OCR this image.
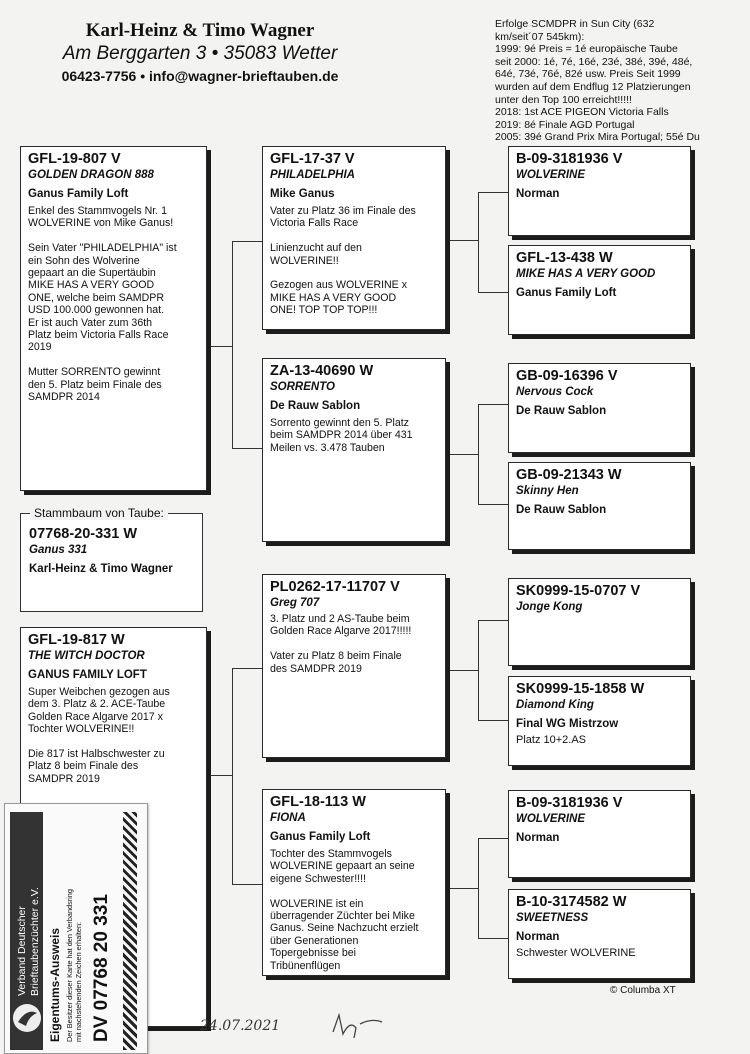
Karl-Heinz & Timo Wagner
Am Berggarten 3 • 35083 Wetter
06423-7756 • info@wagner-brieftauben.de
Erfolge SCMDPR in Sun City (632
km/seit´07 545km):
1999: 9é Preis = 1é europäische Taube
seit 2000: 1é, 7é, 16é, 23é, 38é, 39é, 48é,
64é, 73é, 76é, 82é usw. Preis Seit 1999
wurden auf dem Endflug 12 Platzierungen
unter den Top 100 erreicht!!!!!
2018: 1st ACE PIGEON Victoria Falls
2019: 8é Finale AGD Portugal
2005: 39é Grand Prix Mira Portugal; 55é Du
GFL-19-807 V
GOLDEN DRAGON 888
Ganus Family Loft
Enkel des Stammvogels Nr. 1
WOLVERINE von Mike Ganus!

Sein Vater "PHILADELPHIA" ist
ein Sohn des Wolverine
gepaart an die Supertäubin
MIKE HAS A VERY GOOD
ONE, welche beim SAMDPR
USD 100.000 gewonnen hat.
Er ist auch Vater zum 36th
Platz beim Victoria Falls Race
2019

Mutter SORRENTO gewinnt
den 5. Platz beim Finale des
SAMDPR 2014
07768-20-331 W
Ganus 331
Karl-Heinz & Timo Wagner
Stammbaum von Taube:
GFL-19-817 W
THE WITCH DOCTOR
GANUS FAMILY LOFT
Super Weibchen gezogen aus
dem 3. Platz & 2. ACE-Taube
Golden Race Algarve 2017 x
Tochter WOLVERINE!!

Die 817 ist Halbschwester zu
Platz 8 beim Finale des
SAMDPR 2019
GFL-17-37 V
PHILADELPHIA
Mike Ganus
Vater zu Platz 36 im Finale des
Victoria Falls Race

Linienzucht auf den
WOLVERINE!!

Gezogen aus WOLVERINE x
MIKE HAS A VERY GOOD
ONE! TOP TOP TOP!!!
ZA-13-40690 W
SORRENTO
De Rauw Sablon
Sorrento gewinnt den 5. Platz
beim SAMDPR 2014 über 431
Meilen vs. 3.478 Tauben
PL0262-17-11707 V
Greg 707
3. Platz und 2 AS-Taube beim
Golden Race Algarve 2017!!!!!

Vater zu Platz 8 beim Finale
des SAMDPR 2019
GFL-18-113 W
FIONA
Ganus Family Loft
Tochter des Stammvogels
WOLVERINE gepaart an seine
eigene Schwester!!!!

WOLVERINE ist ein
überragender Züchter bei Mike
Ganus. Seine Nachzucht erzielt
über Generationen
Topergebnisse bei
Tribünenflügen
B-09-3181936 V
WOLVERINE
Norman
GFL-13-438 W
MIKE HAS A VERY GOOD
Ganus Family Loft
GB-09-16396 V
Nervous Cock
De Rauw Sablon
GB-09-21343 W
Skinny Hen
De Rauw Sablon
SK0999-15-0707 V
Jonge Kong
SK0999-15-1858 W
Diamond King
Final WG Mistrzow
Platz 10+2.AS
B-09-3181936 V
WOLVERINE
Norman
B-10-3174582 W
SWEETNESS
Norman
Schwester WOLVERINE
Verband Deutscher Brieftaubenzüchter e.V. Eigentums-Ausweis Der Besitzer dieser Karte hat den Verbandsring mit nachstehenden Zeichen erhalten: DV 07768 20 331	24.07.2021
© Columba XT
